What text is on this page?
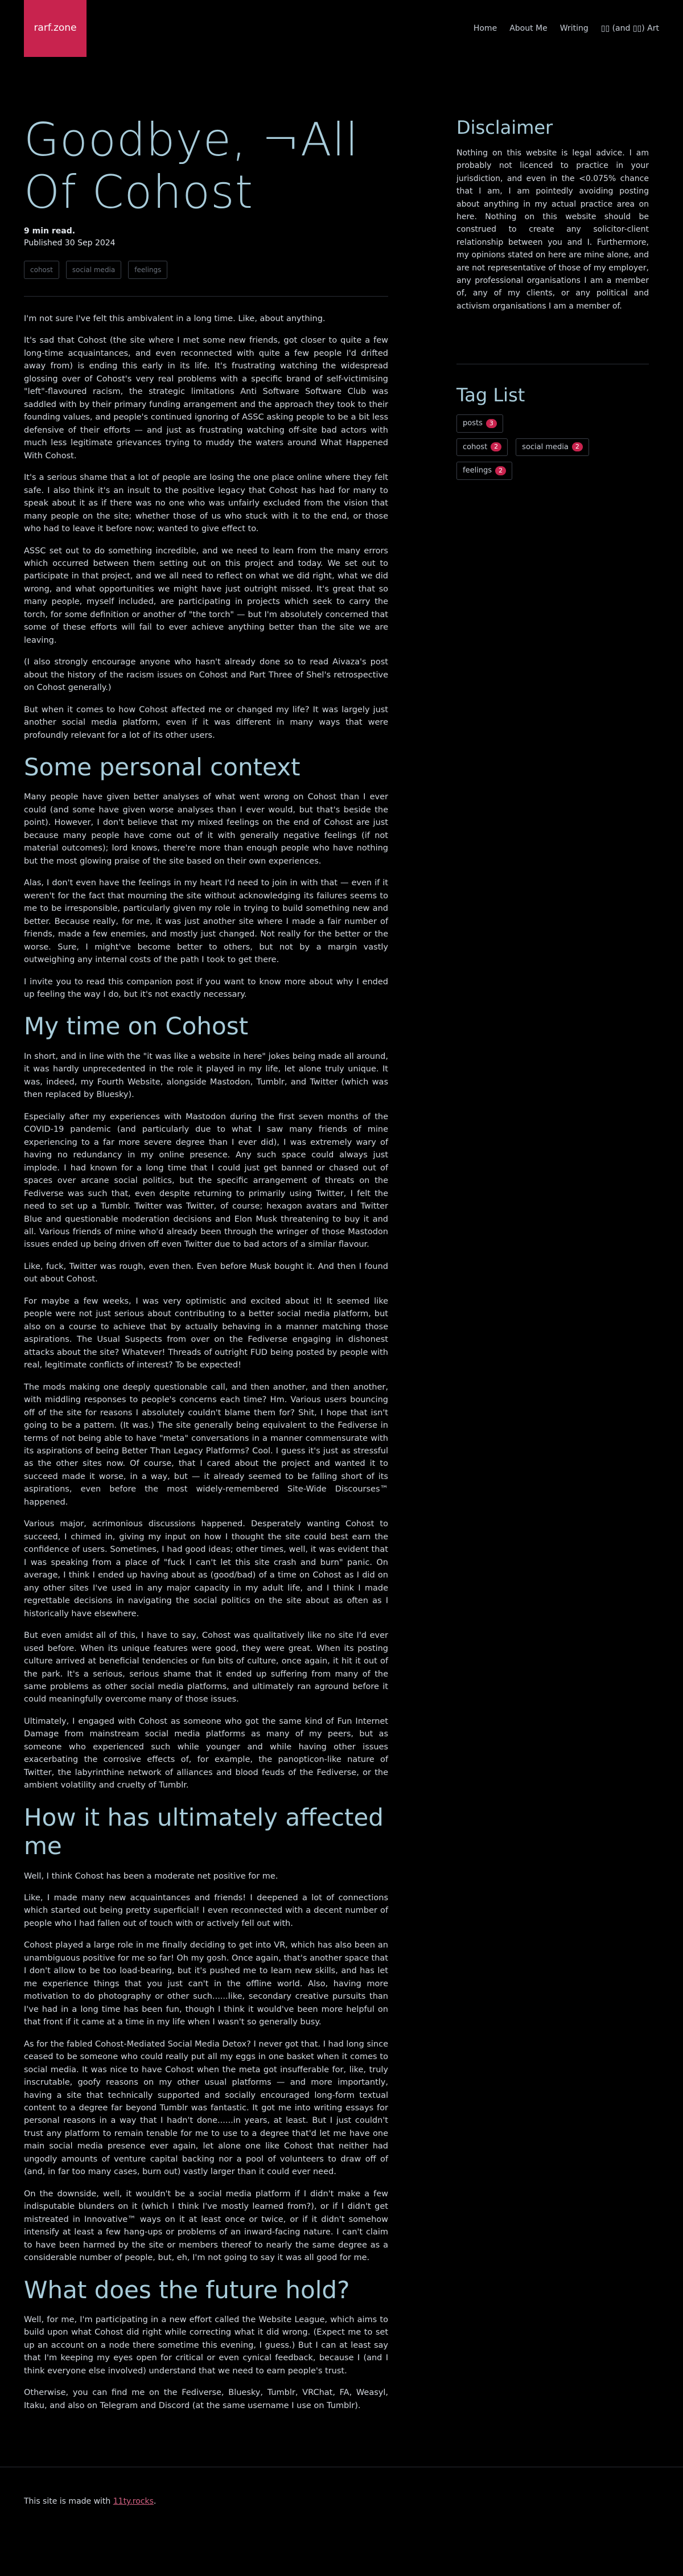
rarf.zone	Home About Me Writing ▯▯ (and ▯▯) Art
Goodbye, ¬All Of Cohost
9 min read.
Published 30 Sep 2024
cohost	social media	feelings

I'm not sure I've felt this ambivalent in a long time. Like, about anything.

It's sad that Cohost (the site where I met some new friends, got closer to quite a few long-time acquaintances, and even reconnected with quite a few people I'd drifted away from) is ending this early in its life. It's frustrating watching the widespread glossing over of Cohost's very real problems with a specific brand of self-victimising "left"-flavoured racism, the strategic limitations Anti Software Software Club was saddled with by their primary funding arrangement and the approach they took to their founding values, and people's continued ignoring of ASSC asking people to be a bit less defensive of their efforts — and just as frustrating watching off-site bad actors with much less legitimate grievances trying to muddy the waters around What Happened With Cohost.

It's a serious shame that a lot of people are losing the one place online where they felt safe. I also think it's an insult to the positive legacy that Cohost has had for many to speak about it as if there was no one who was unfairly excluded from the vision that many people on the site; whether those of us who stuck with it to the end, or those who had to leave it before now; wanted to give effect to.

ASSC set out to do something incredible, and we need to learn from the many errors which occurred between them setting out on this project and today. We set out to participate in that project, and we all need to reflect on what we did right, what we did wrong, and what opportunities we might have just outright missed. It's great that so many people, myself included, are participating in projects which seek to carry the torch, for some definition or another of "the torch" — but I'm absolutely concerned that some of these efforts will fail to ever achieve anything better than the site we are leaving.

(I also strongly encourage anyone who hasn't already done so to read Aivaza's post about the history of the racism issues on Cohost and Part Three of Shel's retrospective on Cohost generally.)

But when it comes to how Cohost affected me or changed my life? It was largely just another social media platform, even if it was different in many ways that were profoundly relevant for a lot of its other users.

Some personal context

Many people have given better analyses of what went wrong on Cohost than I ever could (and some have given worse analyses than I ever would, but that's beside the point). However, I don't believe that my mixed feelings on the end of Cohost are just because many people have come out of it with generally negative feelings (if not material outcomes); lord knows, there're more than enough people who have nothing but the most glowing praise of the site based on their own experiences.

Alas, I don't even have the feelings in my heart I'd need to join in with that — even if it weren't for the fact that mourning the site without acknowledging its failures seems to me to be irresponsible, particularly given my role in trying to build something new and better. Because really, for me, it was just another site where I made a fair number of friends, made a few enemies, and mostly just changed. Not really for the better or the worse. Sure, I might've become better to others, but not by a margin vastly outweighing any internal costs of the path I took to get there.

I invite you to read this companion post if you want to know more about why I ended up feeling the way I do, but it's not exactly necessary.

My time on Cohost

In short, and in line with the "it was like a website in here" jokes being made all around, it was hardly unprecedented in the role it played in my life, let alone truly unique. It was, indeed, my Fourth Website, alongside Mastodon, Tumblr, and Twitter (which was then replaced by Bluesky).

Especially after my experiences with Mastodon during the first seven months of the COVID-19 pandemic (and particularly due to what I saw many friends of mine experiencing to a far more severe degree than I ever did), I was extremely wary of having no redundancy in my online presence. Any such space could always just implode. I had known for a long time that I could just get banned or chased out of spaces over arcane social politics, but the specific arrangement of threats on the Fediverse was such that, even despite returning to primarily using Twitter, I felt the need to set up a Tumblr. Twitter was Twitter, of course; hexagon avatars and Twitter Blue and questionable moderation decisions and Elon Musk threatening to buy it and all. Various friends of mine who'd already been through the wringer of those Mastodon issues ended up being driven off even Twitter due to bad actors of a similar flavour.

Like, fuck, Twitter was rough, even then. Even before Musk bought it. And then I found out about Cohost.

For maybe a few weeks, I was very optimistic and excited about it! It seemed like people were not just serious about contributing to a better social media platform, but also on a course to achieve that by actually behaving in a manner matching those aspirations. The Usual Suspects from over on the Fediverse engaging in dishonest attacks about the site? Whatever! Threads of outright FUD being posted by people with real, legitimate conflicts of interest? To be expected!

The mods making one deeply questionable call, and then another, and then another, with middling responses to people's concerns each time? Hm. Various users bouncing off of the site for reasons I absolutely couldn't blame them for? Shit, I hope that isn't going to be a pattern. (It was.) The site generally being equivalent to the Fediverse in terms of not being able to have "meta" conversations in a manner commensurate with its aspirations of being Better Than Legacy Platforms? Cool. I guess it's just as stressful as the other sites now. Of course, that I cared about the project and wanted it to succeed made it worse, in a way, but — it already seemed to be falling short of its aspirations, even before the most widely-remembered Site-Wide Discourses™ happened.

Various major, acrimonious discussions happened. Desperately wanting Cohost to succeed, I chimed in, giving my input on how I thought the site could best earn the confidence of users. Sometimes, I had good ideas; other times, well, it was evident that I was speaking from a place of "fuck I can't let this site crash and burn" panic. On average, I think I ended up having about as (good/bad) of a time on Cohost as I did on any other sites I've used in any major capacity in my adult life, and I think I made regrettable decisions in navigating the social politics on the site about as often as I historically have elsewhere.

But even amidst all of this, I have to say, Cohost was qualitatively like no site I'd ever used before. When its unique features were good, they were great. When its posting culture arrived at beneficial tendencies or fun bits of culture, once again, it hit it out of the park. It's a serious, serious shame that it ended up suffering from many of the same problems as other social media platforms, and ultimately ran aground before it could meaningfully overcome many of those issues.

Ultimately, I engaged with Cohost as someone who got the same kind of Fun Internet Damage from mainstream social media platforms as many of my peers, but as someone who experienced such while younger and while having other issues exacerbating the corrosive effects of, for example, the panopticon-like nature of Twitter, the labyrinthine network of alliances and blood feuds of the Fediverse, or the ambient volatility and cruelty of Tumblr.

How it has ultimately affected me

Well, I think Cohost has been a moderate net positive for me.

Like, I made many new acquaintances and friends! I deepened a lot of connections which started out being pretty superficial! I even reconnected with a decent number of people who I had fallen out of touch with or actively fell out with.

Cohost played a large role in me finally deciding to get into VR, which has also been an unambiguous positive for me so far! Oh my gosh. Once again, that's another space that I don't allow to be too load-bearing, but it's pushed me to learn new skills, and has let me experience things that you just can't in the offline world. Also, having more motivation to do photography or other such......like, secondary creative pursuits than I've had in a long time has been fun, though I think it would've been more helpful on that front if it came at a time in my life when I wasn't so generally busy.

As for the fabled Cohost-Mediated Social Media Detox? I never got that. I had long since ceased to be someone who could really put all my eggs in one basket when it comes to social media. It was nice to have Cohost when the meta got insufferable for, like, truly inscrutable, goofy reasons on my other usual platforms — and more importantly, having a site that technically supported and socially encouraged long-form textual content to a degree far beyond Tumblr was fantastic. It got me into writing essays for personal reasons in a way that I hadn't done......in years, at least. But I just couldn't trust any platform to remain tenable for me to use to a degree that'd let me have one main social media presence ever again, let alone one like Cohost that neither had ungodly amounts of venture capital backing nor a pool of volunteers to draw off of (and, in far too many cases, burn out) vastly larger than it could ever need.

On the downside, well, it wouldn't be a social media platform if I didn't make a few indisputable blunders on it (which I think I've mostly learned from?), or if I didn't get mistreated in Innovative™ ways on it at least once or twice, or if it didn't somehow intensify at least a few hang-ups or problems of an inward-facing nature. I can't claim to have been harmed by the site or members thereof to nearly the same degree as a considerable number of people, but, eh, I'm not going to say it was all good for me.

What does the future hold?

Well, for me, I'm participating in a new effort called the Website League, which aims to build upon what Cohost did right while correcting what it did wrong. (Expect me to set up an account on a node there sometime this evening, I guess.) But I can at least say that I'm keeping my eyes open for critical or even cynical feedback, because I (and I think everyone else involved) understand that we need to earn people's trust.

Otherwise, you can find me on the Fediverse, Bluesky, Tumblr, VRChat, FA, Weasyl, Itaku, and also on Telegram and Discord (at the same username I use on Tumblr).

Disclaimer

Nothing on this website is legal advice. I am probably not licenced to practice in your jurisdiction, and even in the <0.075% chance that I am, I am pointedly avoiding posting about anything in my actual practice area on here. Nothing on this website should be construed to create any solicitor-client relationship between you and I. Furthermore, my opinions stated on here are mine alone, and are not representative of those of my employer, any professional organisations I am a member of, any of my clients, or any political and activism organisations I am a member of.

Tag List
posts	3
cohost	2	social media	2
feelings	2
This site is made with 11ty.rocks.
